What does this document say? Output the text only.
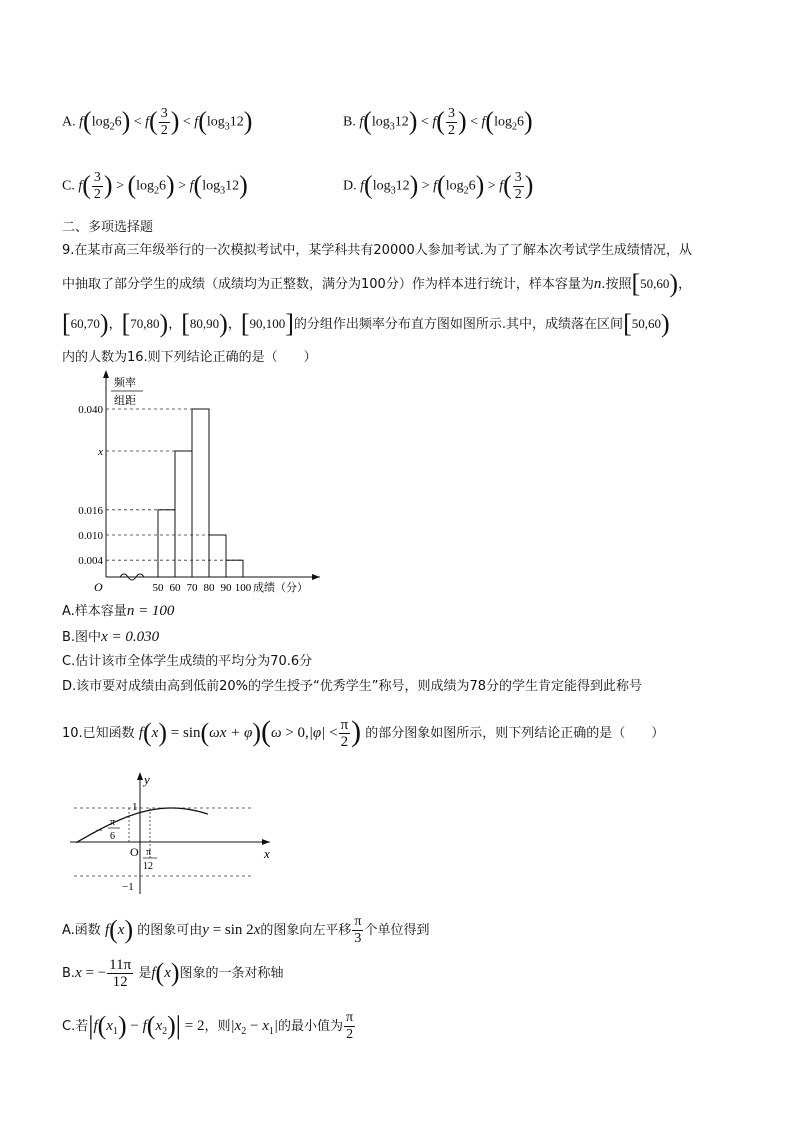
A. $f(\log_26) < f( \frac{3}{2}$ ) < $f(\log_312)$	B. $f(\log_312) < f( \frac{3}{2}$ ) < $f(\log_26)$
C. $f( \frac{3}{2}$ ) > $(\log_26) > f(\log_312)$	D. $f(\log_312) > f(\log_26) > f( \frac{3}{2}$ )
二、多项选择题
9.在某市高三年级举行的一次模拟考试中，某学科共有20000人参加考试.为了了解本次考试学生成绩情况，从
中抽取了部分学生的成绩（成绩均为正整数，满分为100分）作为样本进行统计，样本容量为n.按照[50,60)，
[60,70)，[70,80)，[80,90)，[90,100]的分组作出频率分布直方图如图所示.其中，成绩落在区间[50,60)
内的人数为16.则下列结论正确的是（　　）
频率
组距
0.040
x
0.016
0.010
0.004
50 60 70 80 90 100
O	成绩（分）
A.样本容量n = 100
B.图中x = 0.030
C.估计该市全体学生成绩的平均分为70.6分
D.该市要对成绩由高到低前20%的学生授予“优秀学生”称号，则成绩为78分的学生肯定能得到此称号
10.已知函数 $f(x) = \sin(\omega x + \varphi)(\omega > 0,|\varphi| < \frac{\pi}{2}$ ) 的部分图象如图所示，则下列结论正确的是（　　）
y
x
O
1
−1
−
π
6
π
12
A.函数 f(x) 的图象可由y = sin 2x的图象向左平移 $\frac{\pi}{3}$ 个单位得到
B.x = − $\frac{11\pi}{12}$ 是f(x)图象的一条对称轴
C.若$|f(x_1) - f(x_2)| = 2$，则$|x_2 - x_1|$的最小值为 $\frac{\pi}{2}$
